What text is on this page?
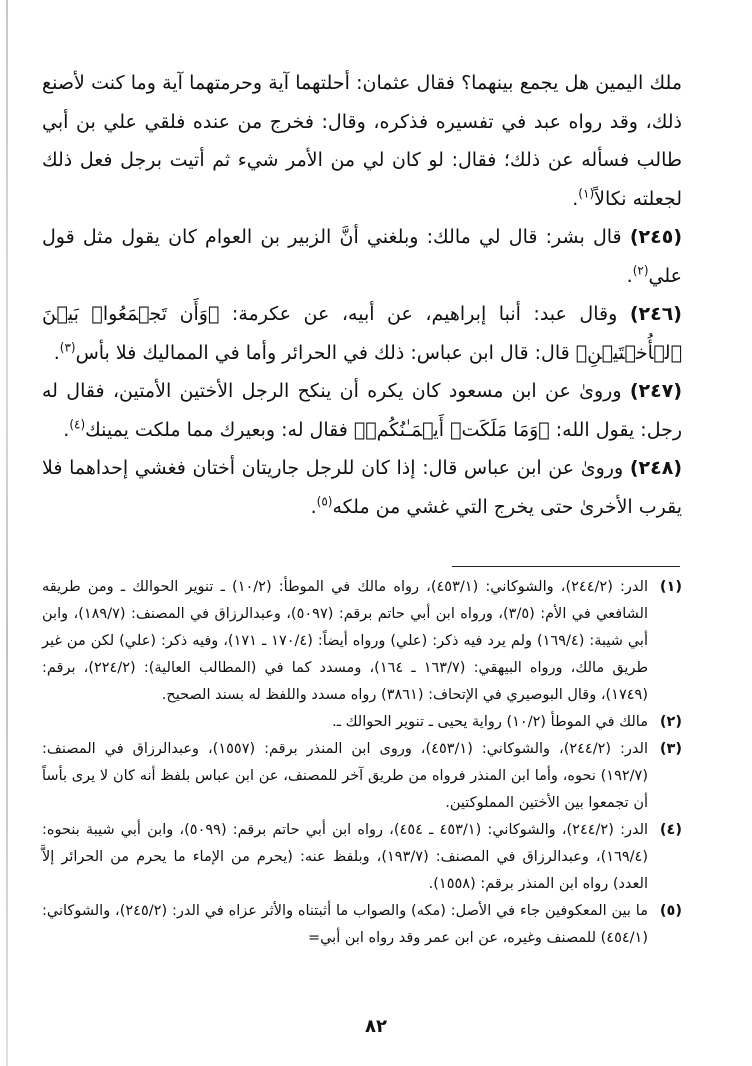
ملك اليمين هل يجمع بينهما؟ فقال عثمان: أحلتهما آية وحرمتهما آية وما كنت لأصنع ذلك، وقد رواه عبد في تفسيره فذكره، وقال: فخرج من عنده فلقي علي بن أبي طالب فسأله عن ذلك؛ فقال: لو كان لي من الأمر شيء ثم أتيت برجل فعل ذلك لجعلته نكالاً$^{(١)}$.

(٢٤٥) قال بشر: قال لي مالك: وبلغني أنَّ الزبير بن العوام كان يقول مثل قول علي$^{(٢)}$.

(٢٤٦) وقال عبد: أنبا إبراهيم، عن أبيه، عن عكرمة: ﴿وَأَن تَجۡمَعُوا۟ بَيۡنَ ٱلۡأُخۡتَيۡنِ﴾ قال: قال ابن عباس: ذلك في الحرائر وأما في المماليك فلا بأس$^{(٣)}$.

(٢٤٧) وروىٰ عن ابن مسعود كان يكره أن ينكح الرجل الأختين الأمتين، فقال له رجل: يقول الله: ﴿وَمَا مَلَكَتۡ أَيۡمَـٰنُكُمۡ﴾ فقال له: وبعيرك مما ملكت يمينك$^{(٤)}$.

(٢٤٨) وروىٰ عن ابن عباس قال: إذا كان للرجل جاريتان أختان فغشي إحداهما فلا يقرب الأخرىٰ حتى يخرج التي غشي من ملكه$^{(٥)}$.

(١)
الدر: (٢٤٤/٢)، والشوكاني: (٤٥٣/١)، رواه مالك في الموطأ: (١٠/٢) ـ تنوير الحوالك ـ ومن طريقه الشافعي في الأم: (٣/٥)، ورواه ابن أبي حاتم برقم: (٥٠٩٧)، وعبدالرزاق في المصنف: (١٨٩/٧)، وابن أبي شيبة: (١٦٩/٤) ولم يرد فيه ذكر: (علي) ورواه أيضاً: (١٧٠/٤ ـ ١٧١)، وفيه ذكر: (علي) لكن من غير طريق مالك، ورواه البيهقي: (١٦٣/٧ ـ ١٦٤)، ومسدد كما في (المطالب العالية): (٢٢٤/٢)، برقم: (١٧٤٩)، وقال البوصيري في الإتحاف: (٣٨٦١) رواه مسدد واللفظ له بسند الصحيح.
(٢)
مالك في الموطأ (١٠/٢) رواية يحيى ـ تنوير الحوالك ـ.
(٣)
الدر: (٢٤٤/٢)، والشوكاني: (٤٥٣/١)، وروى ابن المنذر برقم: (١٥٥٧)، وعبدالرزاق في المصنف: (١٩٢/٧) نحوه، وأما ابن المنذر فرواه من طريق آخر للمصنف، عن ابن عباس بلفظ أنه كان لا يرى بأساً أن تجمعوا بين الأختين المملوكتين.
(٤)
الدر: (٢٤٤/٢)، والشوكاني: (٤٥٣/١ ـ ٤٥٤)، رواه ابن أبي حاتم برقم: (٥٠٩٩)، وابن أبي شيبة بنحوه: (١٦٩/٤)، وعبدالرزاق في المصنف: (١٩٣/٧)، وبلفظ عنه: (يحرم من الإماء ما يحرم من الحرائر إلاَّ العدد) رواه ابن المنذر برقم: (١٥٥٨).
(٥)
ما بين المعكوفين جاء في الأصل: (مكه) والصواب ما أثبتناه والأثر عزاه في الدر: (٢٤٥/٢)، والشوكاني: (٤٥٤/١) للمصنف وغيره، عن ابن عمر وقد رواه ابن أبي=
٨٢
